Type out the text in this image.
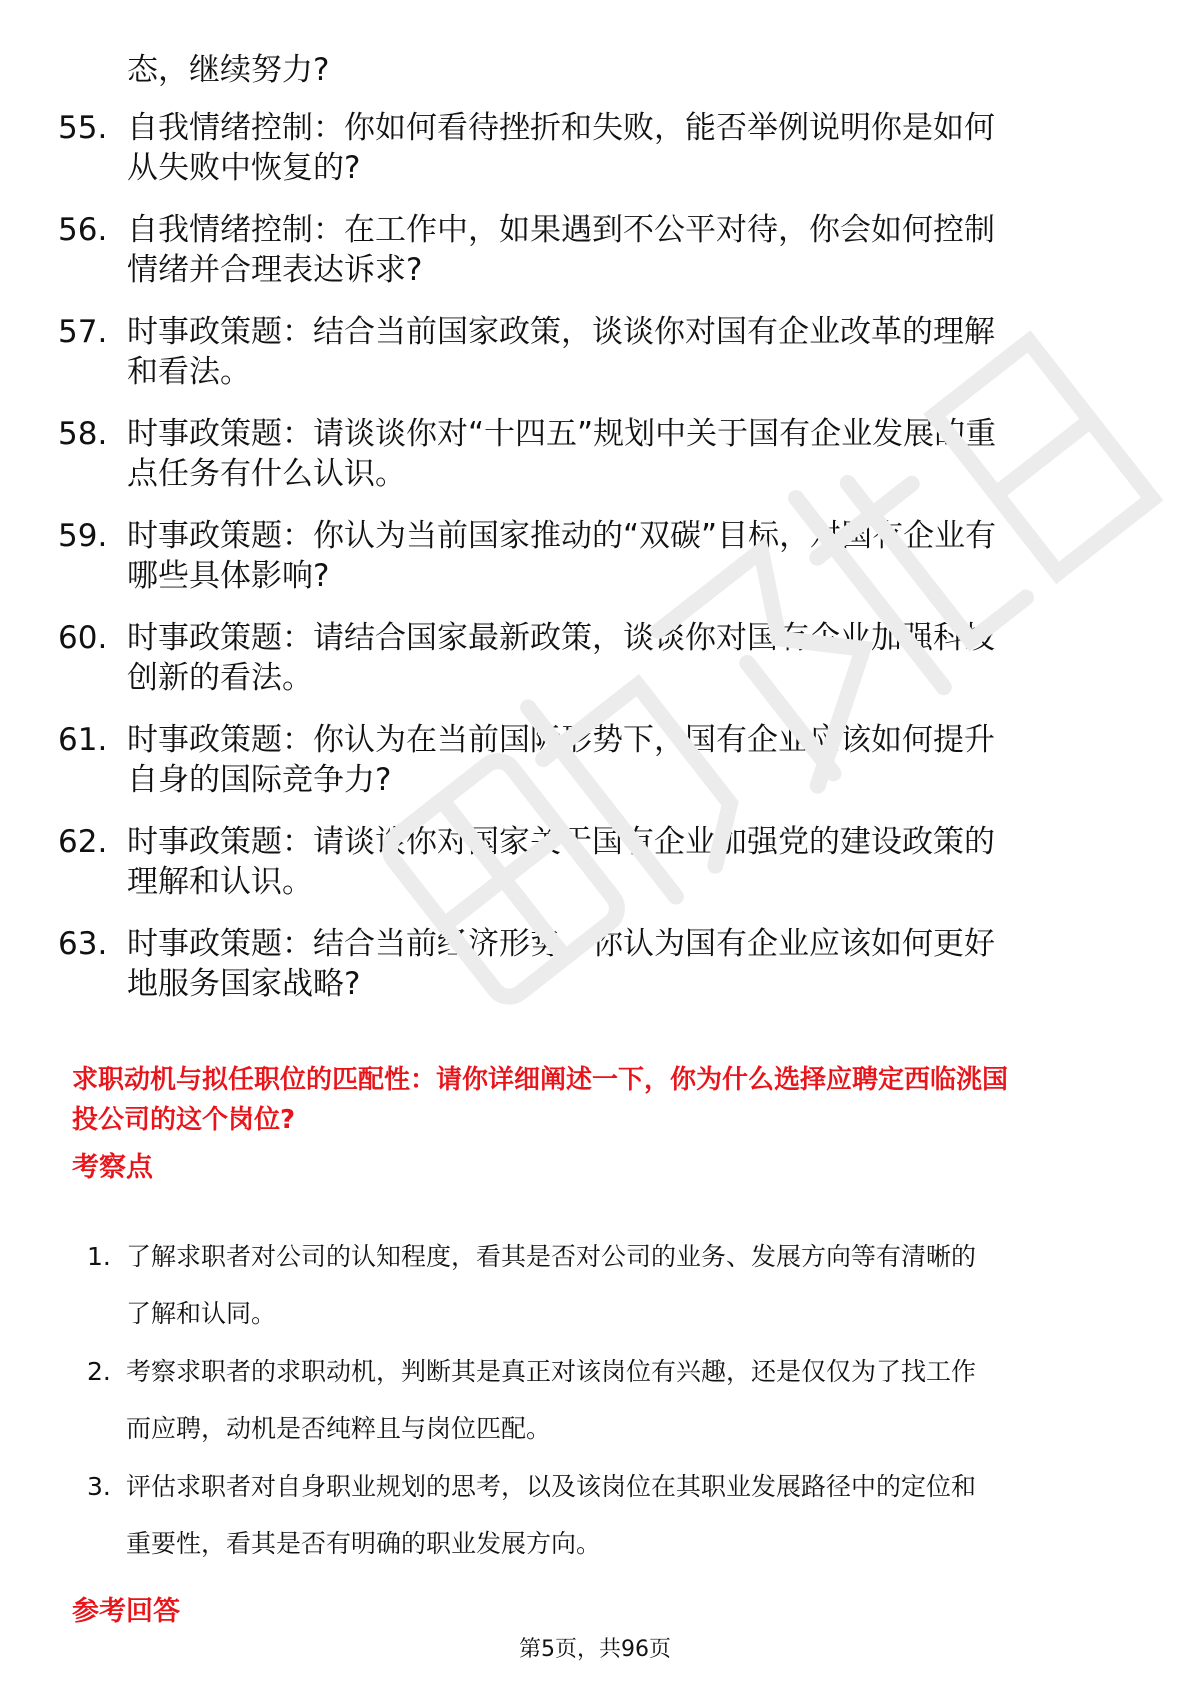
态，继续努力?
55. 自我情绪控制：你如何看待挫折和失败，能否举例说明你是如何
从失败中恢复的?
56. 自我情绪控制：在工作中，如果遇到不公平对待，你会如何控制
情绪并合理表达诉求?
57. 时事政策题：结合当前国家政策，谈谈你对国有企业改革的理解
和看法。
58. 时事政策题：请谈谈你对“十四五”规划中关于国有企业发展的重
点任务有什么认识。
59. 时事政策题：你认为当前国家推动的“双碳”目标，对国有企业有
哪些具体影响?
60. 时事政策题：请结合国家最新政策，谈谈你对国有企业加强科技
创新的看法。
61. 时事政策题：你认为在当前国际形势下，国有企业应该如何提升
自身的国际竞争力?
62. 时事政策题：请谈谈你对国家关于国有企业加强党的建设政策的
理解和认识。
63. 时事政策题：结合当前经济形势，你认为国有企业应该如何更好
地服务国家战略?
求职动机与拟任职位的匹配性：请你详细阐述一下，你为什么选择应聘定西临洮国
投公司的这个岗位?
考察点
1. 了解求职者对公司的认知程度，看其是否对公司的业务、发展方向等有清晰的
了解和认同。
2. 考察求职者的求职动机，判断其是真正对该岗位有兴趣，还是仅仅为了找工作
而应聘，动机是否纯粹且与岗位匹配。
3. 评估求职者对自身职业规划的思考，以及该岗位在其职业发展路径中的定位和
重要性，看其是否有明确的职业发展方向。
参考回答
第5页，共96页
